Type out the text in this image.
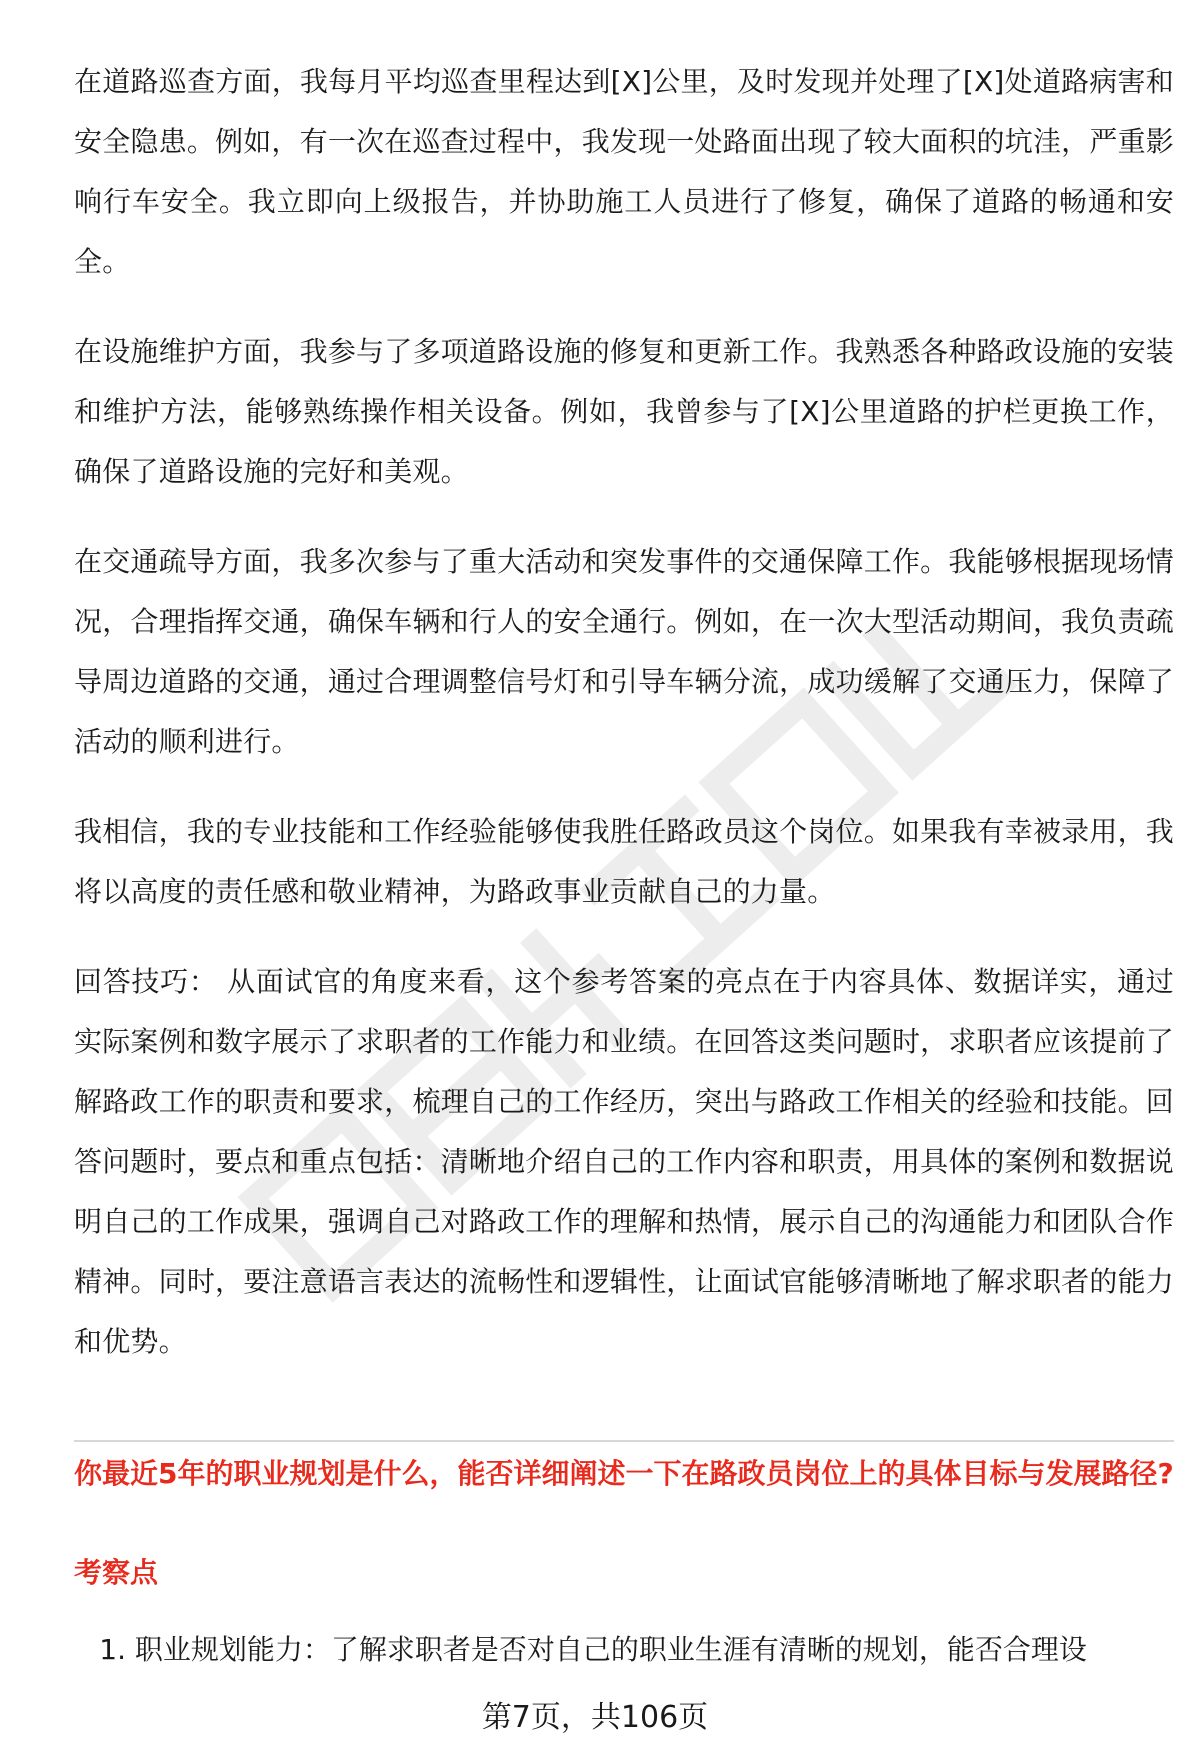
在道路巡查方面，我每月平均巡查里程达到[X]公里，及时发现并处理了[X]处道路病害和安全隐患。例如，有一次在巡查过程中，我发现一处路面出现了较大面积的坑洼，严重影响行车安全。我立即向上级报告，并协助施工人员进行了修复，确保了道路的畅通和安全。

在设施维护方面，我参与了多项道路设施的修复和更新工作。我熟悉各种路政设施的安装和维护方法，能够熟练操作相关设备。例如，我曾参与了[X]公里道路的护栏更换工作，确保了道路设施的完好和美观。

在交通疏导方面，我多次参与了重大活动和突发事件的交通保障工作。我能够根据现场情况，合理指挥交通，确保车辆和行人的安全通行。例如，在一次大型活动期间，我负责疏导周边道路的交通，通过合理调整信号灯和引导车辆分流，成功缓解了交通压力，保障了活动的顺利进行。

我相信，我的专业技能和工作经验能够使我胜任路政员这个岗位。如果我有幸被录用，我将以高度的责任感和敬业精神，为路政事业贡献自己的力量。

回答技巧： 从面试官的角度来看，这个参考答案的亮点在于内容具体、数据详实，通过实际案例和数字展示了求职者的工作能力和业绩。在回答这类问题时，求职者应该提前了解路政工作的职责和要求，梳理自己的工作经历，突出与路政工作相关的经验和技能。回答问题时，要点和重点包括：清晰地介绍自己的工作内容和职责，用具体的案例和数据说明自己的工作成果，强调自己对路政工作的理解和热情，展示自己的沟通能力和团队合作精神。同时，要注意语言表达的流畅性和逻辑性，让面试官能够清晰地了解求职者的能力和优势。

你最近5年的职业规划是什么，能否详细阐述一下在路政员岗位上的具体目标与发展路径?
考察点
1. 职业规划能力：了解求职者是否对自己的职业生涯有清晰的规划，能否合理设
第7页，共106页
